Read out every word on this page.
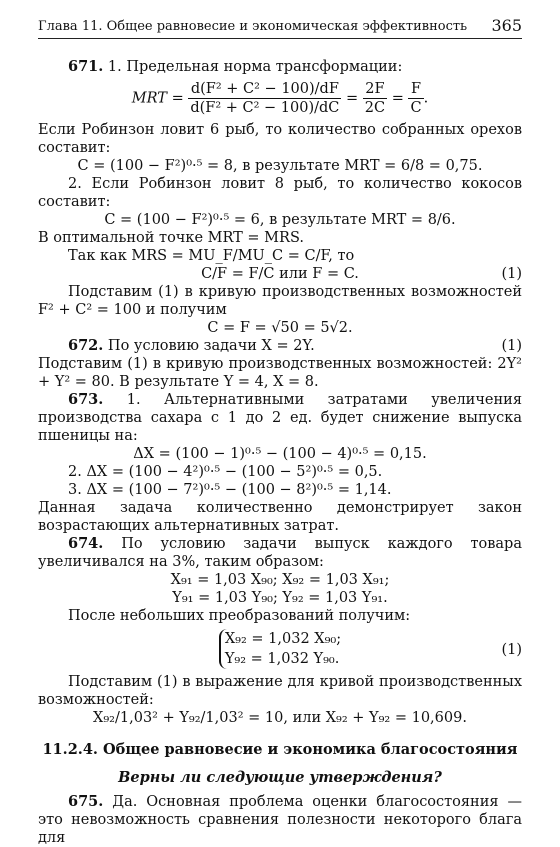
Глава 11. Общее равновесие и экономическая эффективность 365
671. 1. Предельная норма трансформации:
MRT = $\frac{\text{d(F² + C² − 100)/dF}}{\text{d(F² + C² − 100)/dC}} = \frac{2F}{2C} = \frac{F}{C}$ .
Если Робинзон ловит 6 рыб, то количество собранных орехов составит:
C = (100 − F²)⁰·⁵ = 8, в результате MRT = 6/8 = 0,75.
2. Если Робинзон ловит 8 рыб, то количество кокосов составит:
C = (100 − F²)⁰·⁵ = 6, в результате MRT = 8/6.
В оптимальной точке MRT = MRS.
Так как MRS = MU_F/MU_C = C/F, то
C/F = F/C или F = C.	(1)
Подставим (1) в кривую производственных возможностей F² + C² = 100 и получим
C = F = √50 = 5√2.
672. По условию задачи X = 2Y.	(1)
Подставим (1) в кривую производственных возможностей: 2Y² + Y² = 80. В результате Y = 4, X = 8.
673. 1. Альтернативными затратами увеличения производства сахара с 1 до 2 ед. будет снижение выпуска пшеницы на:
ΔX = (100 − 1)⁰·⁵ − (100 − 4)⁰·⁵ = 0,15.
2. ΔX = (100 − 4²)⁰·⁵ − (100 − 5²)⁰·⁵ = 0,5.
3. ΔX = (100 − 7²)⁰·⁵ − (100 − 8²)⁰·⁵ = 1,14.
Данная задача количественно демонстрирует закон возрастающих альтернативных затрат.
674. По условию задачи выпуск каждого товара увеличивался на 3%, таким образом:
X₉₁ = 1,03 X₉₀; X₉₂ = 1,03 X₉₁;
Y₉₁ = 1,03 Y₉₀; Y₉₂ = 1,03 Y₉₁.
После небольших преобразований получим:
X₉₂ = 1,032 X₉₀;
Y₉₂ = 1,032 Y₉₀.
(1)
Подставим (1) в выражение для кривой производственных возможностей:
X₉₂/1,03² + Y₉₂/1,03² = 10, или X₉₂ + Y₉₂ = 10,609.
11.2.4. Общее равновесие и экономика благосостояния
Верны ли следующие утверждения?
675. Да. Основная проблема оценки благосостояния — это невозможность сравнения полезности некоторого блага для
